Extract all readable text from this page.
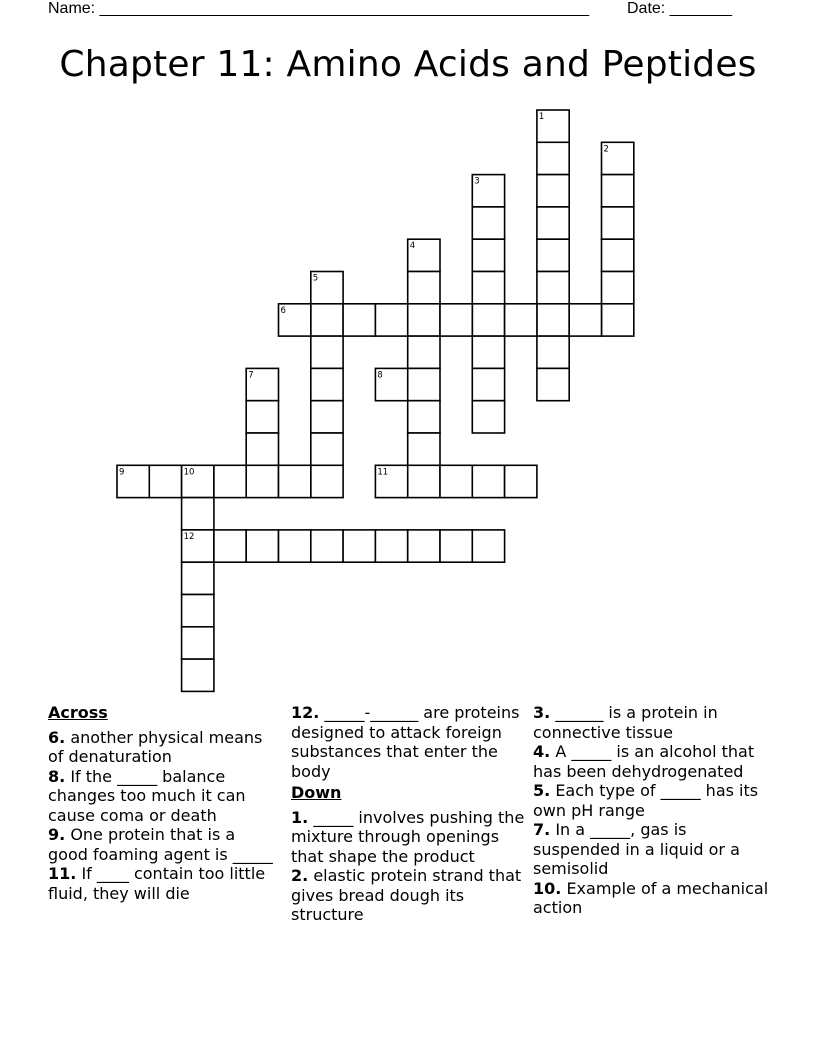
Name: _______________________________________________________ Date: _______
Chapter 11: Amino Acids and Peptides
1
2
3
4
5
6
7	8
9	10	11
12
Across
6. another physical means of denaturation
8. If the _____ balance changes too much it can cause coma or death
9. One protein that is a good foaming agent is _____
11. If ____ contain too little fluid, they will die
12. _____-______ are proteins designed to attack foreign substances that enter the body
Down
1. _____ involves pushing the mixture through openings that shape the product
2. elastic protein strand that gives bread dough its structure
3. ______ is a protein in connective tissue
4. A _____ is an alcohol that has been dehydrogenated
5. Each type of _____ has its own pH range
7. In a _____, gas is suspended in a liquid or a semisolid
10. Example of a mechanical action
